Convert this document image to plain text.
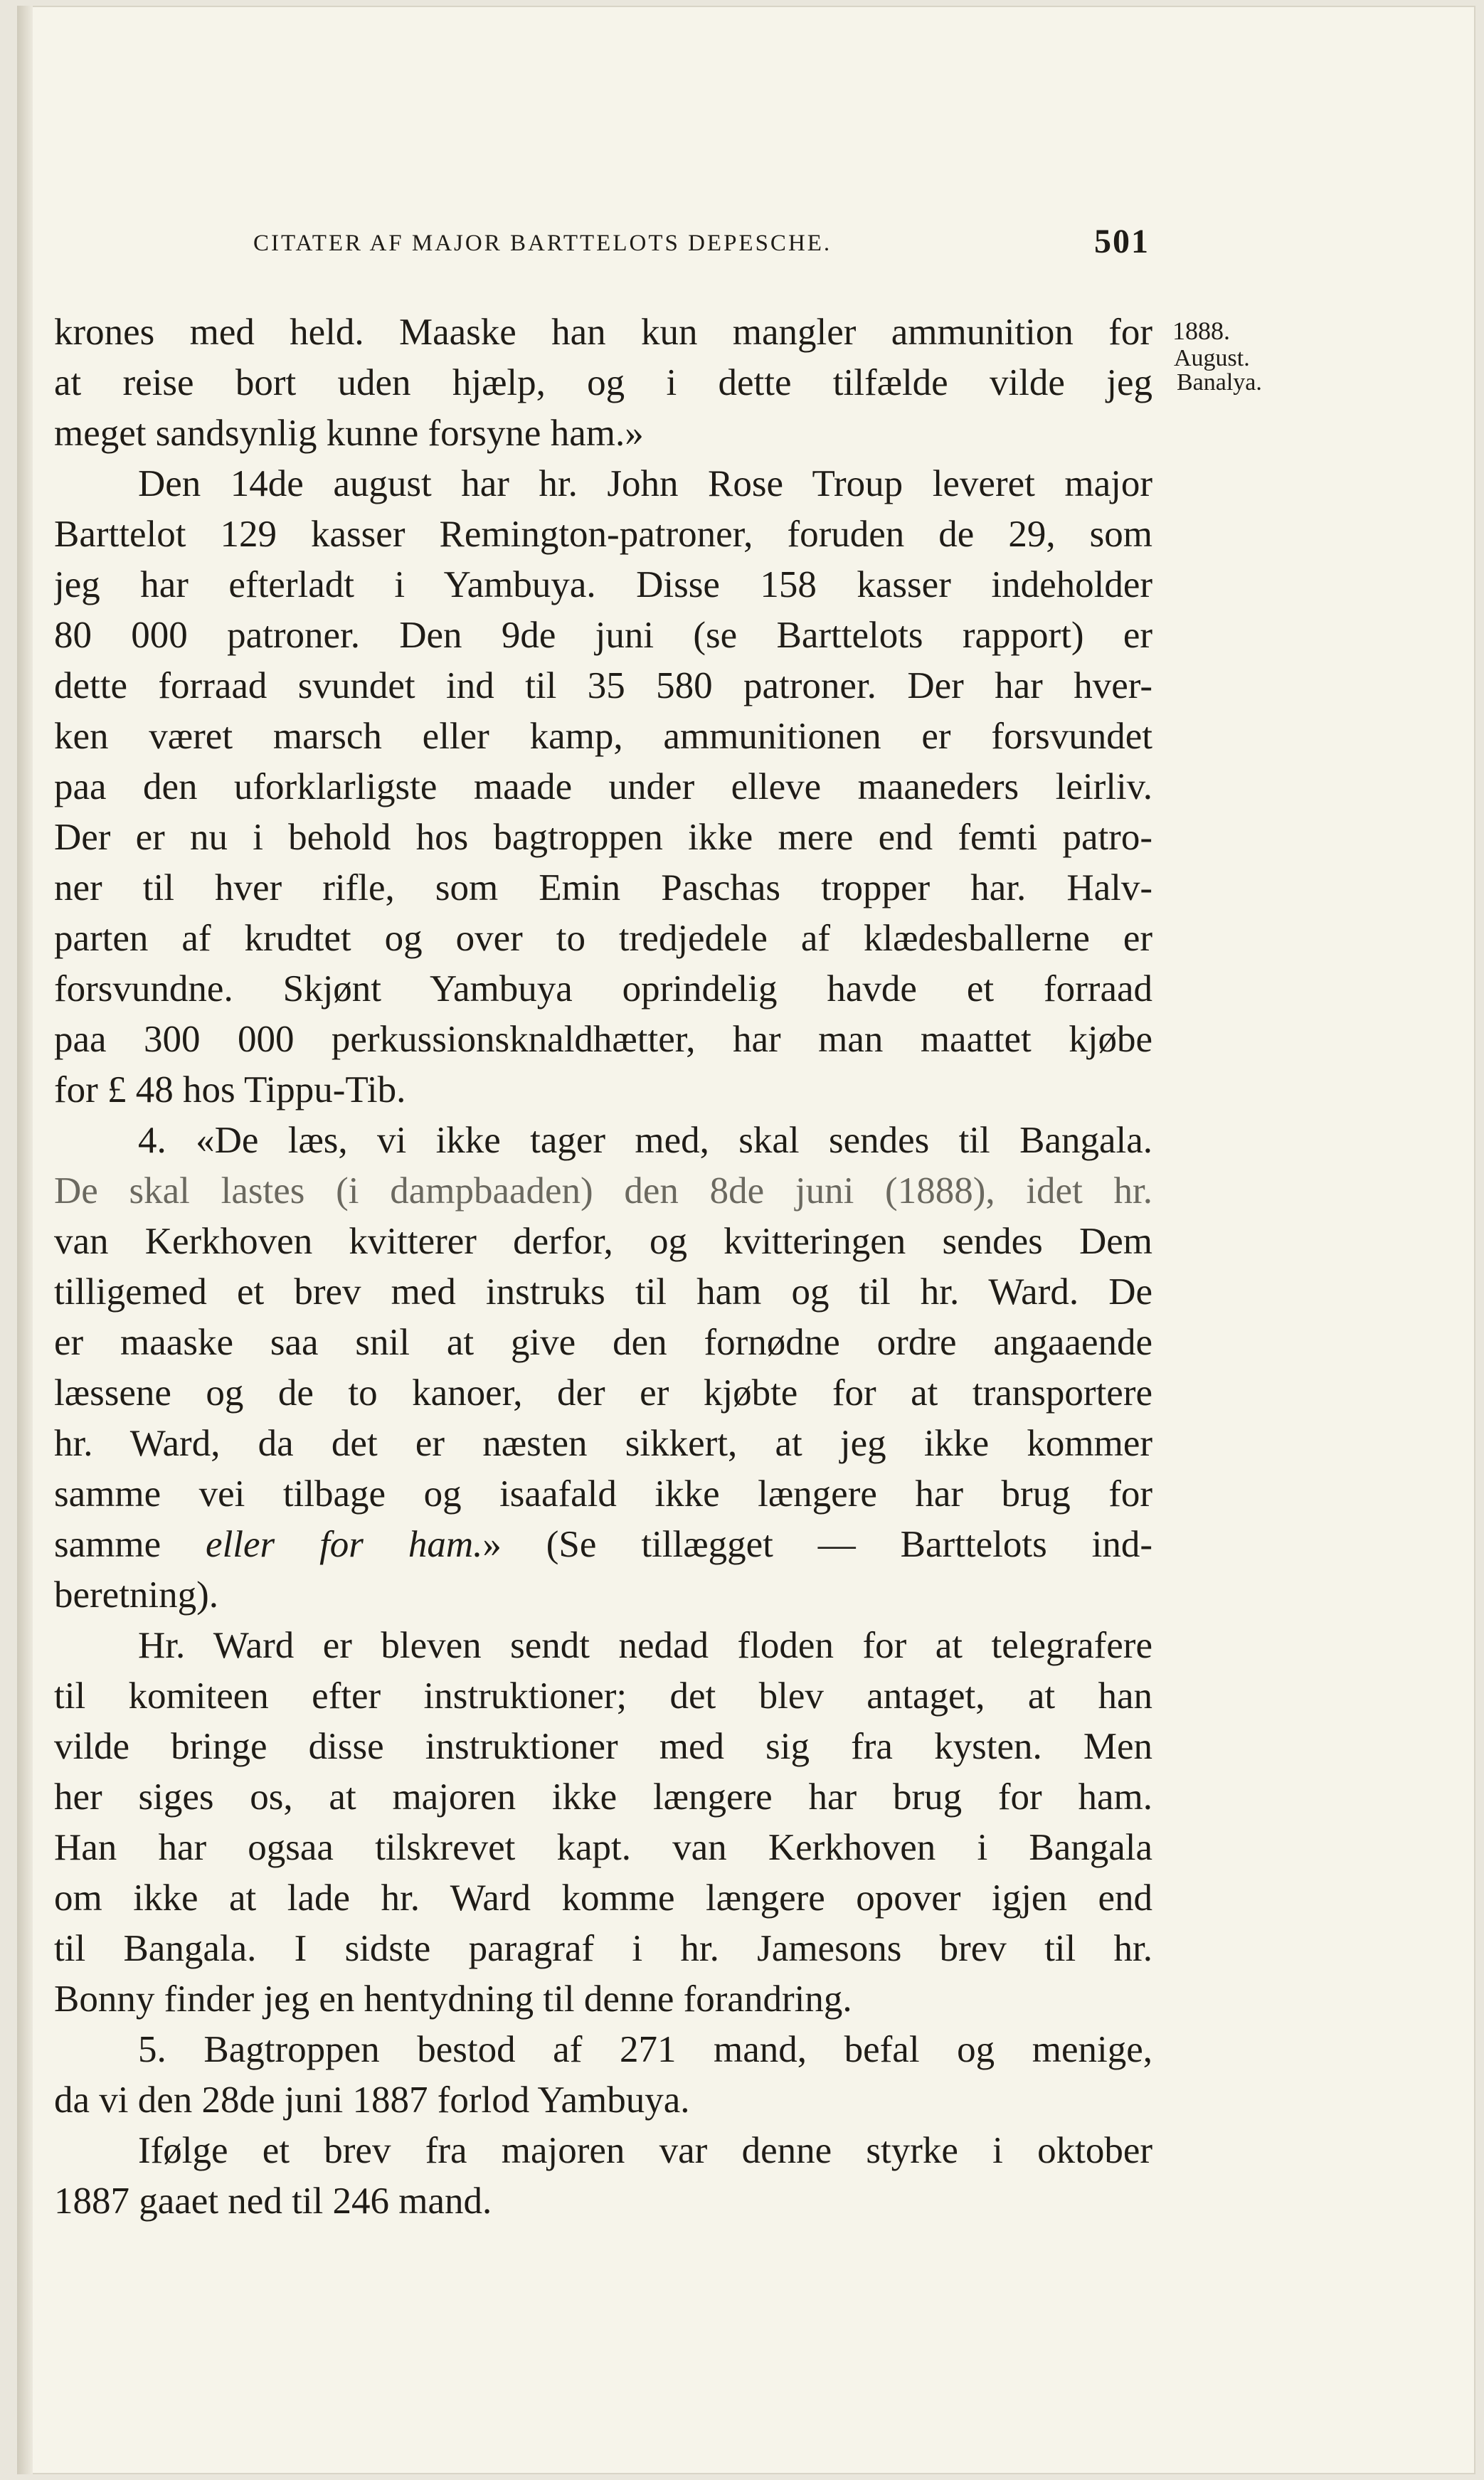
CITATER AF MAJOR BARTTELOTS DEPESCHE.	501
1888.
August.
Banalya.
krones med held. Maaske han kun mangler ammunition for
at reise bort uden hjælp, og i dette tilfælde vilde jeg
meget sandsynlig kunne forsyne ham.»
Den 14de august har hr. John Rose Troup leveret major
Barttelot 129 kasser Remington-patroner, foruden de 29, som
jeg har efterladt i Yambuya. Disse 158 kasser indeholder
80 000 patroner. Den 9de juni (se Barttelots rapport) er
dette forraad svundet ind til 35 580 patroner. Der har hver-
ken været marsch eller kamp, ammunitionen er forsvundet
paa den uforklarligste maade under elleve maaneders leirliv.
Der er nu i behold hos bagtroppen ikke mere end femti patro-
ner til hver rifle, som Emin Paschas tropper har. Halv-
parten af krudtet og over to tredjedele af klædesballerne er
forsvundne. Skjønt Yambuya oprindelig havde et forraad
paa 300 000 perkussionsknaldhætter, har man maattet kjøbe
for £ 48 hos Tippu-Tib.
4. «De læs, vi ikke tager med, skal sendes til Bangala.
De skal lastes (i dampbaaden) den 8de juni (1888), idet hr.
van Kerkhoven kvitterer derfor, og kvitteringen sendes Dem
tilligemed et brev med instruks til ham og til hr. Ward. De
er maaske saa snil at give den fornødne ordre angaaende
læssene og de to kanoer, der er kjøbte for at transportere
hr. Ward, da det er næsten sikkert, at jeg ikke kommer
samme vei tilbage og isaafald ikke længere har brug for
samme eller for ham.» (Se tillægget — Barttelots ind-
beretning).
Hr. Ward er bleven sendt nedad floden for at telegrafere
til komiteen efter instruktioner; det blev antaget, at han
vilde bringe disse instruktioner med sig fra kysten. Men
her siges os, at majoren ikke længere har brug for ham.
Han har ogsaa tilskrevet kapt. van Kerkhoven i Bangala
om ikke at lade hr. Ward komme længere opover igjen end
til Bangala. I sidste paragraf i hr. Jamesons brev til hr.
Bonny finder jeg en hentydning til denne forandring.
5. Bagtroppen bestod af 271 mand, befal og menige,
da vi den 28de juni 1887 forlod Yambuya.
Ifølge et brev fra majoren var denne styrke i oktober
1887 gaaet ned til 246 mand.
